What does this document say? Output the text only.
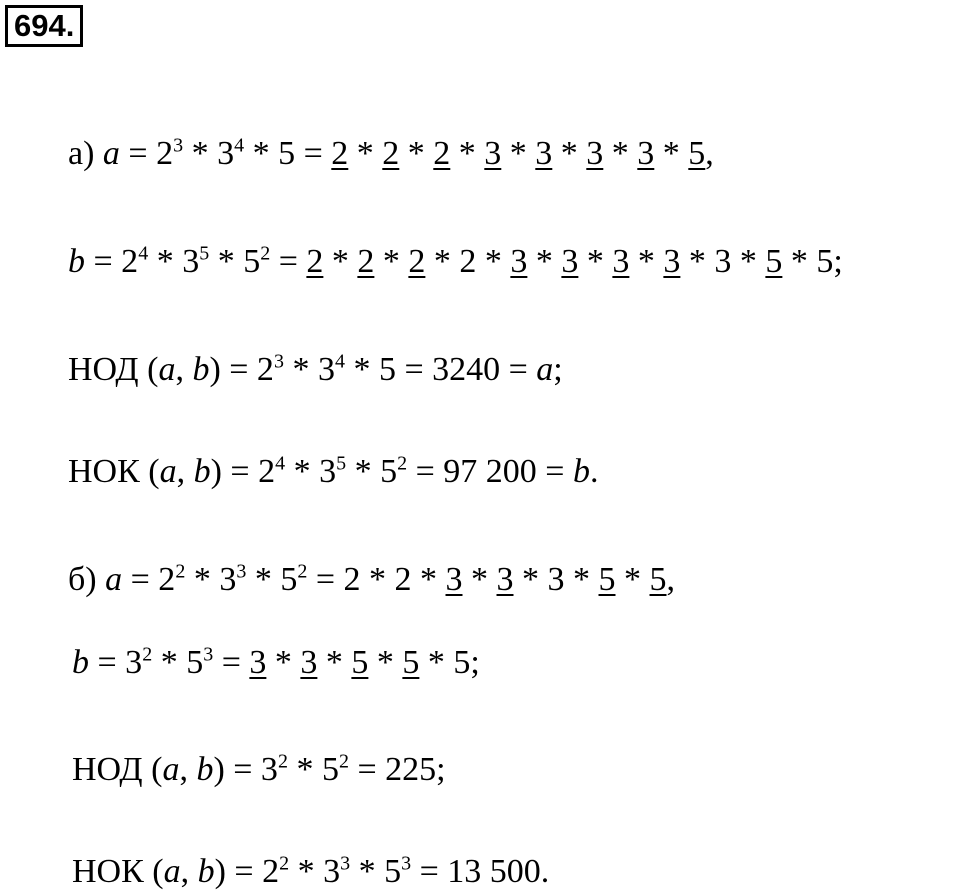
694.
а) $a = 2^3 * 3^4 * 5 = 2 * 2 * 2 * 3 * 3 * 3 * 3 * 5$,
$b = 2^4 * 3^5 * 5^2 = 2 * 2 * 2 * 2 * 3 * 3 * 3 * 3 * 3 * 5 * 5$;
НОД (a, $b) = 2^3 * 3^4 * 5 = 3240 = a$;
НОК (a, $b) = 2^4 * 3^5 * 5^2 = 97$ 200 = b.
б) $a = 2^2 * 3^3 * 5^2 = 2 * 2 * 3 * 3 * 3 * 5 * 5$,
$b = 3^2 * 5^3 = 3 * 3 * 5 * 5 * 5$;
НОД (a, $b) = 3^2 * 5^2 = 225$;
НОК (a, $b) = 2^2 * 3^3 * 5^3 = 13$ 500.
